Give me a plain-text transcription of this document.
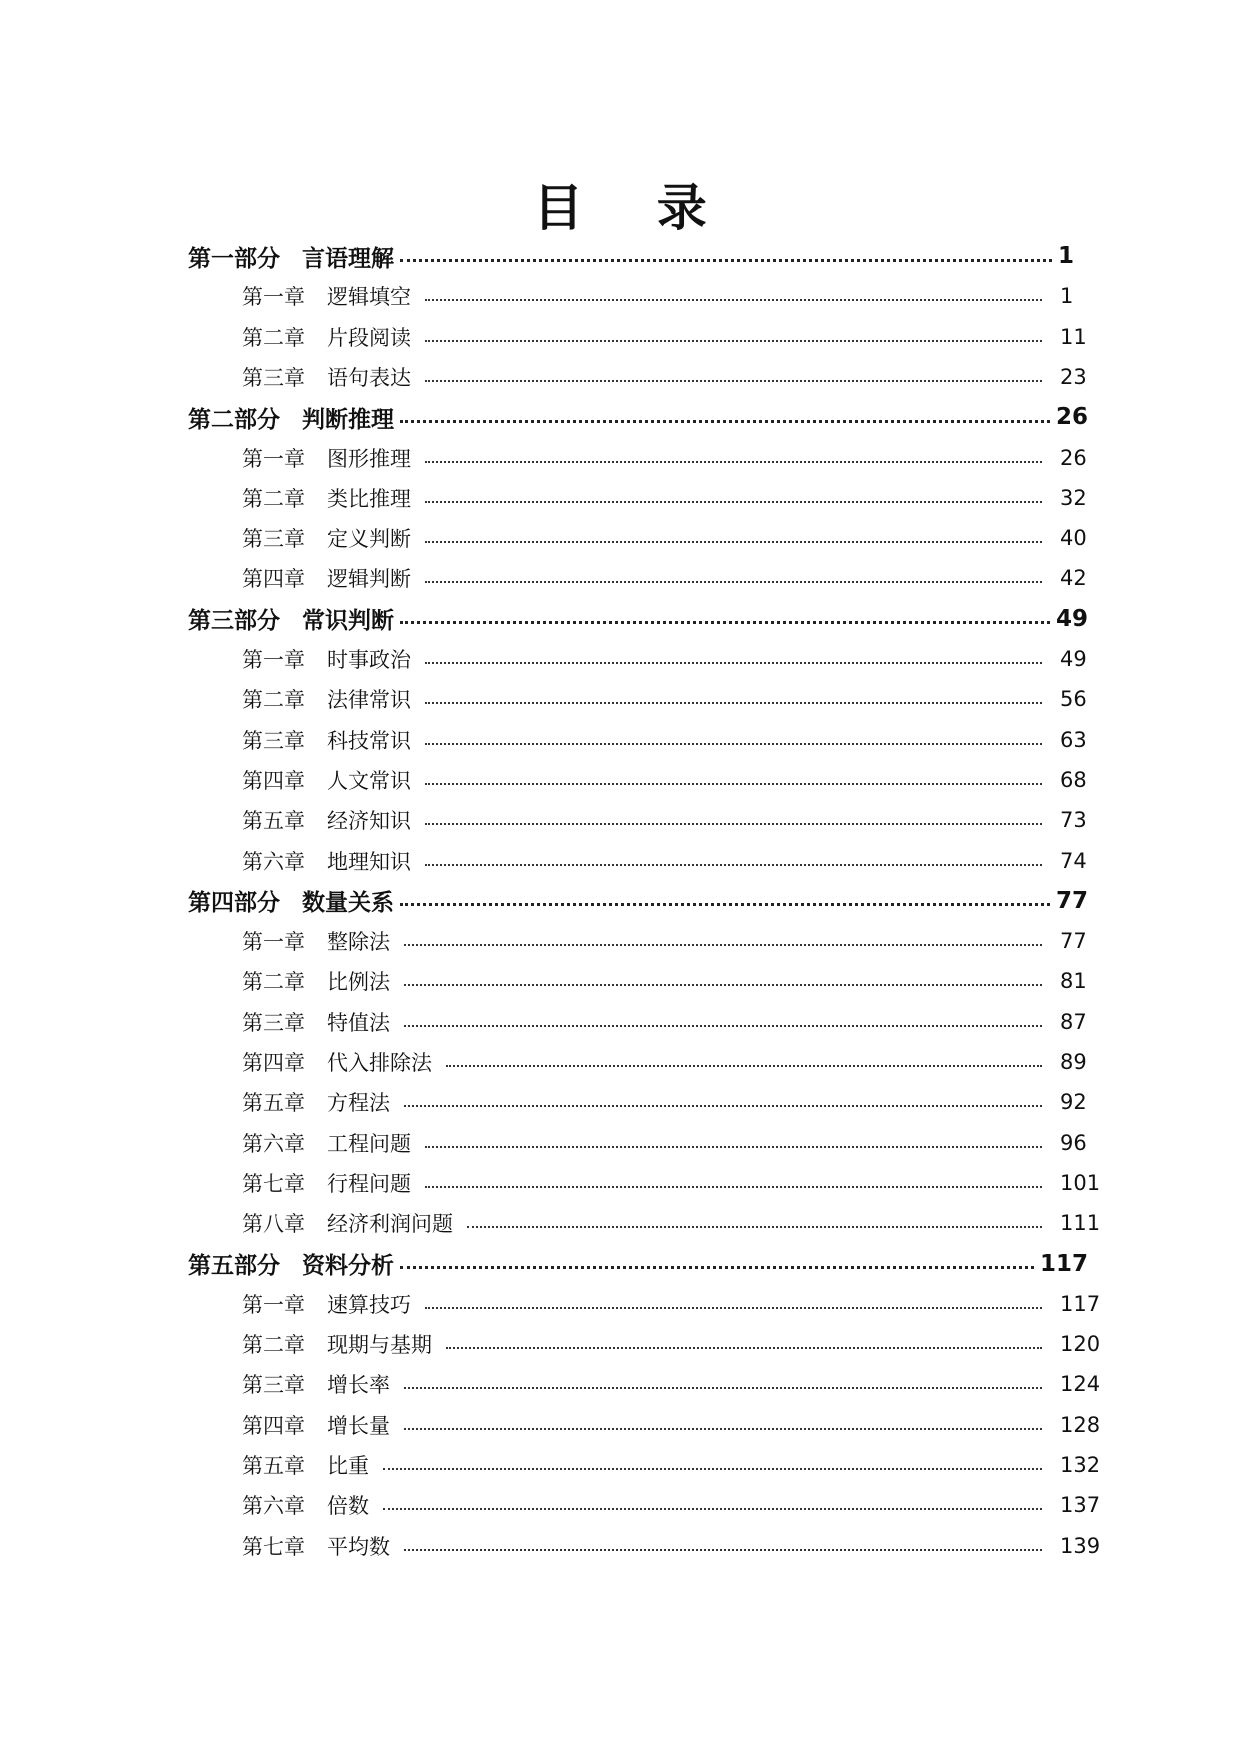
目 录
第一部分 言语理解	1
第一章 逻辑填空	1
第二章 片段阅读	11
第三章 语句表达	23
第二部分 判断推理	26
第一章 图形推理	26
第二章 类比推理	32
第三章 定义判断	40
第四章 逻辑判断	42
第三部分 常识判断	49
第一章 时事政治	49
第二章 法律常识	56
第三章 科技常识	63
第四章 人文常识	68
第五章 经济知识	73
第六章 地理知识	74
第四部分 数量关系	77
第一章 整除法	77
第二章 比例法	81
第三章 特值法	87
第四章 代入排除法	89
第五章 方程法	92
第六章 工程问题	96
第七章 行程问题	101
第八章 经济利润问题	111
第五部分 资料分析	117
第一章 速算技巧	117
第二章 现期与基期	120
第三章 增长率	124
第四章 增长量	128
第五章 比重	132
第六章 倍数	137
第七章 平均数	139
